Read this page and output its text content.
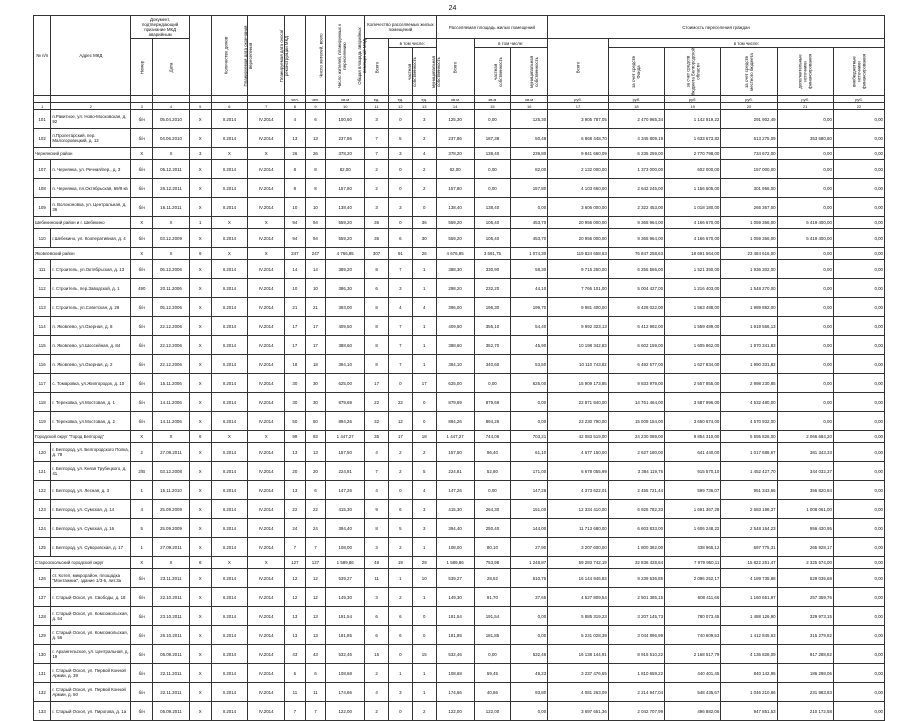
24
№ п/п	Адрес МКД	Документ, подтверждающий признание МКД аварийным		Количество домов	Планируемая дата окончания переселения	Планируемая дата сноса/реконструкции МКД	Число жителей, всего	Число жителей, планируемых к переселению	Общая площадь аварийных помещений МКД	Количество расселяемых жилых помещений			Расселяемая площадь жилых помещений			Стоимость переселения граждан					
		Номер	Дата							Всего	в том числе:		Всего	в том числе:		Всего	в том числе:				
											частная собственность	муниципальная собственность		частная собственность	муниципальная собственность		за счет средств Фонда	за счет средств бюджета Белгородской области	за счет средств местного бюджета	дополнительные источники финансирования	внебюджетные источники финансирования
							чел.	чел.	кв.м	ед.	ед.	ед.	кв.м	кв.м	кв.м	руб.	руб.	руб.	руб.	руб.	руб.
1	2	3	4	5	6	7	8	9	10	11	12	13	14	15	16	17	18	19	20	21	22
101	п.Ракитное, ул. Ново-Московская, д. 92	б/н	05.04.2010	X	II.2014	IV.2014	4	6	100,60	3	0	3	125,30	0,00	125,30	3 905 787,05	2 470 965,34	1 142 919,22	291 902,49	0,00	0,00
102	п.Пролетарский, пер. Малогоровецкий, д. 12	б/н	04.06.2010	X	II.2014	IV.2014	13	13	237,86	7	5	2	237,86	187,38	50,48	6 868 448,70	4 345 809,19	1 633 673,82	513 275,09	353 680,60	0,00
Чернянский район		X	X	3	X	X	26	26	378,20	7	3	4	378,20	138,40	239,80	9 841 660,09	6 235 259,00	2 770 798,00	734 672,00	0,00	0,00
107	п. Чернянка, ул. Речная/пер., д. 3	б/н	05.12.2011	X	II.2014	IV.2014	8	8	82,00	2	0	2	82,00	0,00	82,00	2 132 000,00	1 373 000,00	602 000,00	157 000,00	0,00	0,00
108	п. Чернянка, пл.Октябрьская, 69/9 кв	б/н	26.12.2011	X	II.2014	IV.2014	8	8	157,80	2	0	2	157,80	0,00	157,80	4 103 660,00	2 642 245,00	1 156 605,00	301 956,00	0,00	0,00
109	п. Волоконовка, ул. Центральная, д. 36	б/н	16.11.2011	X	II.2014	IV.2014	10	10	138,40	3	3	0	138,40	138,40	0,00	3 606 000,00	2 322 453,00	1 018 180,00	265 367,00	0,00	0,00
Шебекинский район и г. Шебекино		X	X	1	X	X	94	94	559,20	36	0	36	559,20	105,40	453,70	20 956 000,00	9 365 964,00	4 166 670,00	1 059 366,00	6 419 400,00	0,00
110	г.Шебекино, ул. Кооперативная, д. 4	б/н	03.12.2009	X	II.2014	IV.2014	94	94	559,20	36	6	30	559,20	105,40	453,70	20 956 000,00	9 365 964,00	4 166 670,00	1 059 366,00	6 419 400,00	0,00
Яковлевский район		X	X	9	X	X	247	247	4 766,85	307	91	26	4 676,85	3 691,75	1 074,30	119 824 658,63	76 847 258,63	18 691 564,00	23 484 616,00	0,00	0,00
111	г. Строитель, ул.Октябрьская, д. 13	б/н	06.12.2006	X	II.2014	IV.2014	14	14	389,20	8	7	1	388,30	330,90	58,30	9 715 250,00	6 255 566,00	1 521 350,00	1 936 302,00	0,00	0,00
112	г. Строитель, пер.Заводской, д. 1	490	20.11.2006	X	II.2014	IV.2014	10	10	386,30	6	3	1	298,20	232,20	44,10	7 766 101,00	5 004 427,00	1 216 403,00	1 548 270,00	0,00	0,00
113	г. Строитель, ул.Советская, д. 28	б/н	05.12.2006	X	II.2014	IV.2014	21	21	393,00	8	4	4	396,00	196,30	199,70	9 981 400,00	6 428 022,00	1 563 488,00	1 989 892,00	0,00	0,00
114	п. Яковлево, ул.Озерная, д. 8	б/н	22.12.2006	X	II.2014	IV.2014	17	17	409,50	8	7	1	409,50	355,10	54,40	9 992 323,13	6 412 992,00	1 559 489,00	1 919 566,13	0,00	0,00
115	п. Яковлево, ул.Шоссейная, д. 84	б/н	22.12.2006	X	II.2014	IV.2014	17	17	388,60	8	7	1	388,60	352,70	45,90	10 198 342,83	6 602 159,00	1 605 862,00	1 970 341,83	0,00	0,00
116	п. Яковлево, ул.Озерная, д. 2	б/н	22.12.2006	X	II.2014	IV.2014	18	18	394,10	8	7	1	394,10	340,60	53,50	10 110 743,82	6 492 577,00	1 627 834,00	1 990 331,82	0,00	0,00
117	с. Томаровка, ул.Жилгородок, д. 10	б/н	15.11.2006	X	II.2014	IV.2014	30	30	625,00	17	0	17	625,00	0,00	625,00	15 909 173,85	9 833 979,00	2 557 855,00	2 998 230,85	0,00	0,00
118	г. Тереховка, ул.Мостовая, д. 1	б/н	14.11.2006	X	II.2014	IV.2014	30	30	879,69	22	22	0	879,69	879,69	0,00	22 871 940,00	14 761 464,00	3 587 996,00	4 532 480,00	0,00	0,00
119	г. Тереховка, ул.Мостовая, д. 2	б/н	14.11.2006	X	II.2014	IV.2014	50	50	894,26	32	12	0	894,26	894,26	0,00	23 230 790,00	15 009 154,00	3 650 674,00	4 570 932,00	0,00	0,00
Городской округ "Город Белгород"		X	X	6	X	X	99	93	1 447,27	35	17	18	1 447,27	744,06	703,21	42 083 519,00	24 230 089,00	9 854 310,00	5 595 826,00	2 066 684,20	0,00
120	г. Белгород, ул. Белгородского Полка, д. 78	2	27.09.2011	X	II.2014	IV.2014	13	13	157,50	4	2	2	157,50	96,40	61,10	4 677 150,00	2 627 180,00	641 440,00	1 017 688,67	381 343,33	0,00
121	г. Белгород, ул. Князя Трубецкого, д. 41	2/В	03.12.2008	X	II.2014	IV.2014	20	20	224,81	7	2	5	224,81	52,80	171,00	6 678 055,99	3 384 119,76	915 570,10	1 452 427,70	344 032,37	0,00
122	г. Белгород, ул. Лесная, д. 3	1	15.11.2010	X	II.2014	IV.2014	13	6	147,26	4	0	4	147,26	0,00	147,26	4 373 622,01	2 455 721,44	599 736,07	951 343,66	356 820,84	0,00
123	г. Белгород, ул. Сумская, д. 14	4	25.09.2009	X	II.2014	IV.2014	22	22	415,30	9	6	3	415,30	264,30	151,00	12 334 410,00	6 925 782,33	1 691 367,29	2 683 198,37	1 008 061,00	0,00
124	г. Белгород, ул. Сумская, д. 16	5	25.09.2009	X	II.2014	IV.2014	24	24	394,40	8	5	3	394,40	250,40	144,00	11 713 680,00	6 603 833,00	1 606 248,22	2 548 164,23	956 430,95	0,00
125	г. Белгород, ул. Суворовская, д. 17	1	27.09.2011	X	II.2014	IV.2014	7	7	108,00	3	2	1	108,00	80,10	27,90	3 207 600,00	1 800 382,00	438 965,12	697 775,31	265 928,17	0,00
Старооскольский городской округ		X	X	8	X	X	127	127	1 589,86	48	19	29	1 589,86	753,98	1 248,87	59 283 742,19	32 836 428,64	7 979 950,11	15 822 251,47	2 325 574,00	0,00
126	ст. Котел, микрорайон, площадка "Монтажник", здание 1/3-6, лит.3а	б/н	23.11.2011	X	II.2014	IV.2014	12	12	539,27	11	1	10	539,27	28,52	510,75	16 144 946,83	9 239 536,85	2 096 252,17	4 189 735,88	529 035,68	0,00
127	г. Старый Оскол, ул. Свободы, д. 18	б/н	22.10.2011	X	II.2014	IV.2014	12	12	149,30	3	2	1	149,30	91,70	37,65	4 527 809,54	2 501 385,15	608 411,66	1 160 651,97	257 359,76	0,00
128	г. Старый Оскол, ул. Комсомольская, д. 54	б/н	23.10.2011	X	II.2014	IV.2014	13	13	191,54	6	6	0	191,54	191,54	0,00	5 885 319,23	3 207 145,73	780 073,45	1 488 126,90	329 973,15	0,00
129	г. Старый Оскол, ул. Комсомольская, д. 56	б/н	26.10.2011	X	II.2014	IV.2014	13	13	181,85	6	6	0	181,85	181,85	0,00	5 231 028,39	3 044 896,99	740 609,53	1 412 845,63	315 279,82	0,00
130	г. Архангельское, ул. Центральная, д. 19	б/н	05.09.2011	X	II.2014	IV.2014	43	43	532,46	15	0	15	532,46	0,00	532,46	16 138 144,91	8 915 510,22	2 168 517,79	4 136 828,09	917 288,82	0,00
131	г. Старый Оскол, ул. Первой Конной Армии, д. 39	б/н	22.11.2011	X	II.2014	IV.2014	6	6	108,68	2	1	1	108,68	59,45	49,23	3 237 476,65	1 810 659,22	440 401,45	840 142,95	186 298,06	0,00
132	г. Старый Оскол, ул. Первой Конной Армии, д. 50	б/н	22.11.2011	X	II.2014	IV.2014	11	11	174,66	4	3	1	174,66	40,86	93,80	4 081 263,09	2 214 947,04	548 435,67	1 046 210,66	231 983,83	0,00
133	г. Старый Оскол, ул. Пирогова, д. 1а	б/н	05.09.2011	X	II.2014	IV.2014	7	7	122,00	2	0	2	122,00	122,00	0,00	3 697 651,36	2 042 707,99	496 882,06	947 851,53	210 172,58	0,00
